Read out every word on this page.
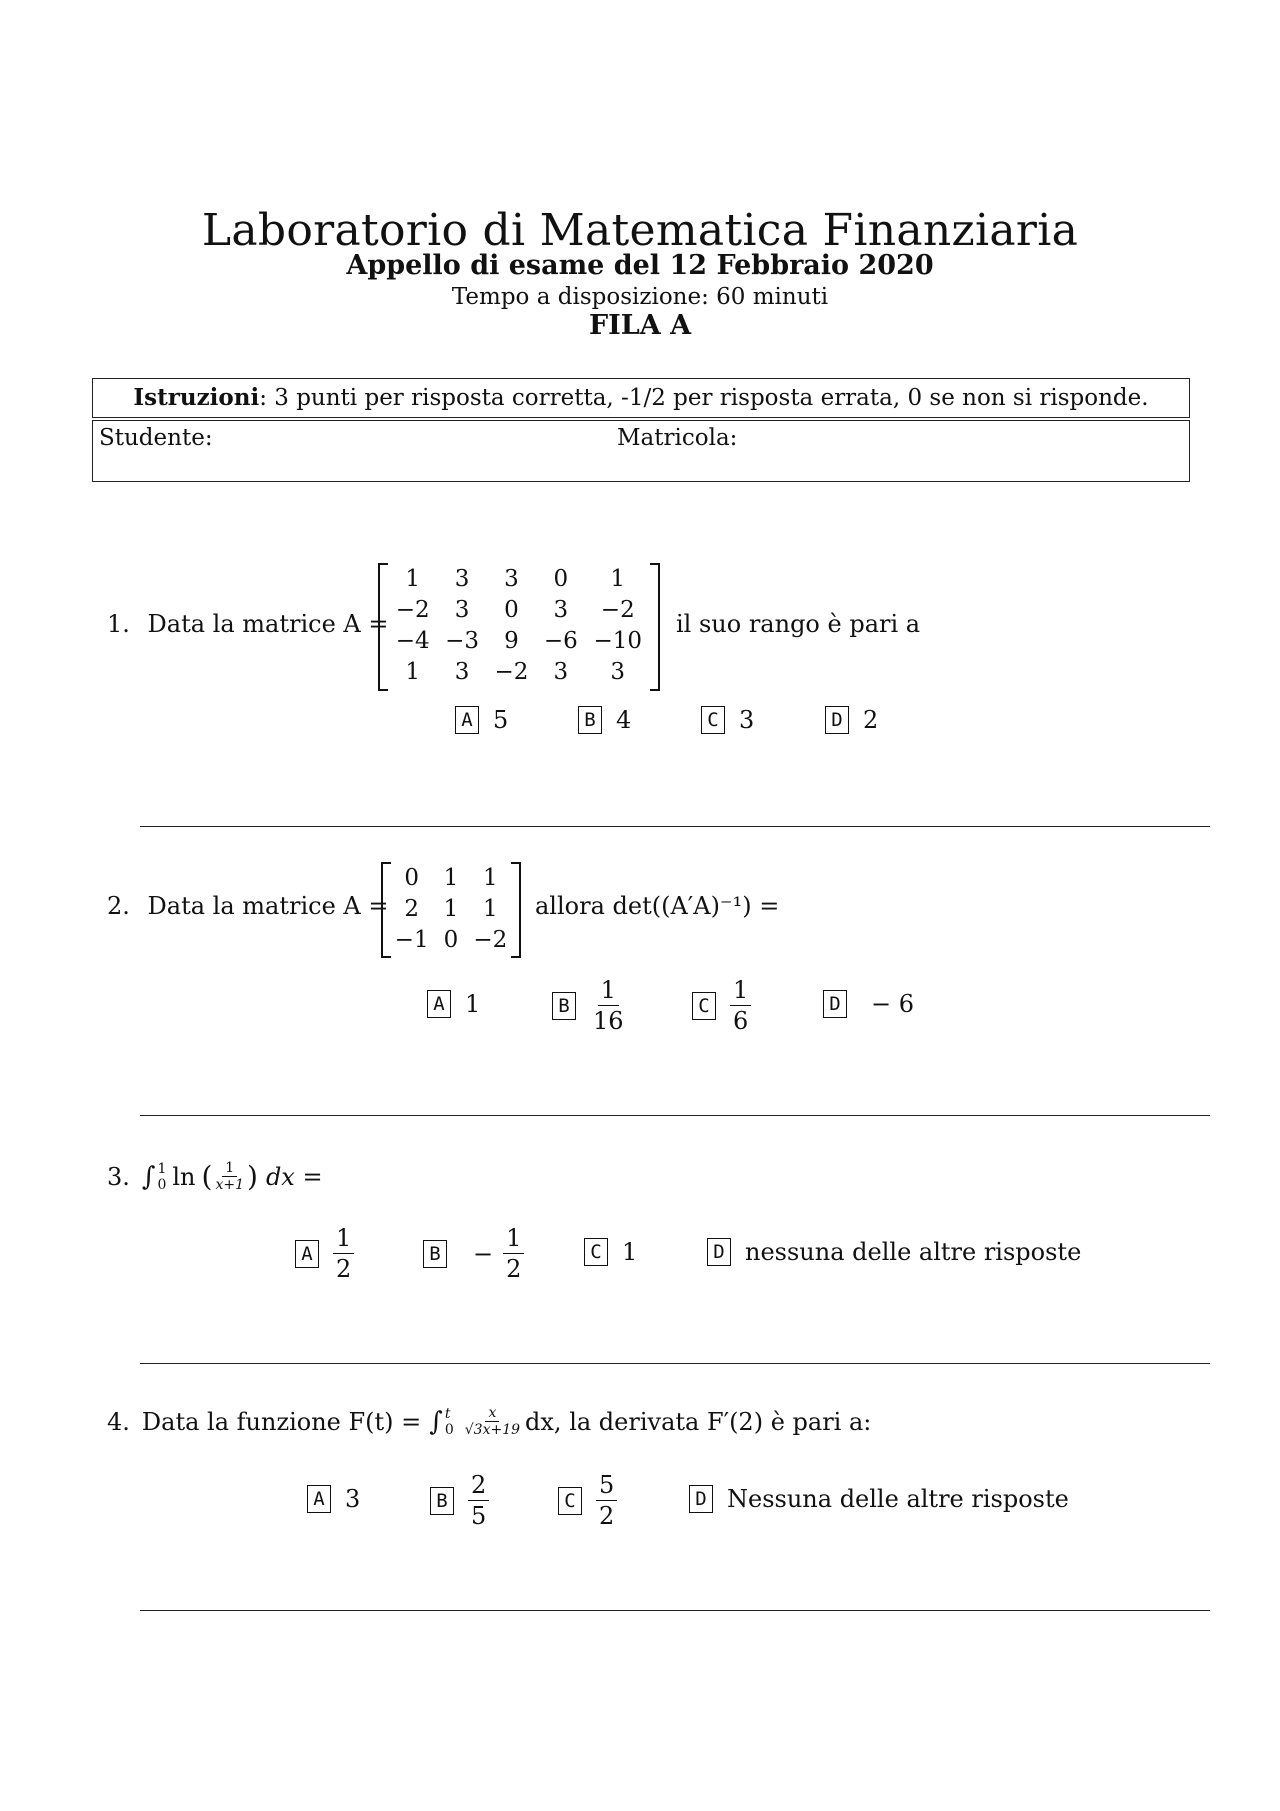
Laboratorio di Matematica Finanziaria
Appello di esame del 12 Febbraio 2020
Tempo a disposizione: 60 minuti
FILA A
Istruzioni: 3 punti per risposta corretta, -1/2 per risposta errata, 0 se non si risponde.
Studente:	Matricola:
1. Data la matrice A =
1	3	3	0	1
−2	3	0	3	−2
−4	−3	9	−6	−10
1	3	−2	3	3
il suo rango è pari a
A 5	B 4	C 3	D 2
2. Data la matrice A =
0	1	1
2	1	1
−1	0	−2
allora det((A′A)⁻¹) =
A 1	B $\frac{1}{16}$	C $\frac{1}{6}$	D − 6
3. ∫ 1
0 ln ( $\frac{1}{x+1}$ ) dx =
A $\frac{1}{2}$	$B - \frac{1}{2}$	C 1	D nessuna delle altre risposte
4. Data la funzione F(t) = ∫ t
$0 \frac{x}{√3x+19}$ dx, la derivata F′(2) è pari a:
A 3	B $\frac{2}{5}$	C $\frac{5}{2}$	D Nessuna delle altre risposte
